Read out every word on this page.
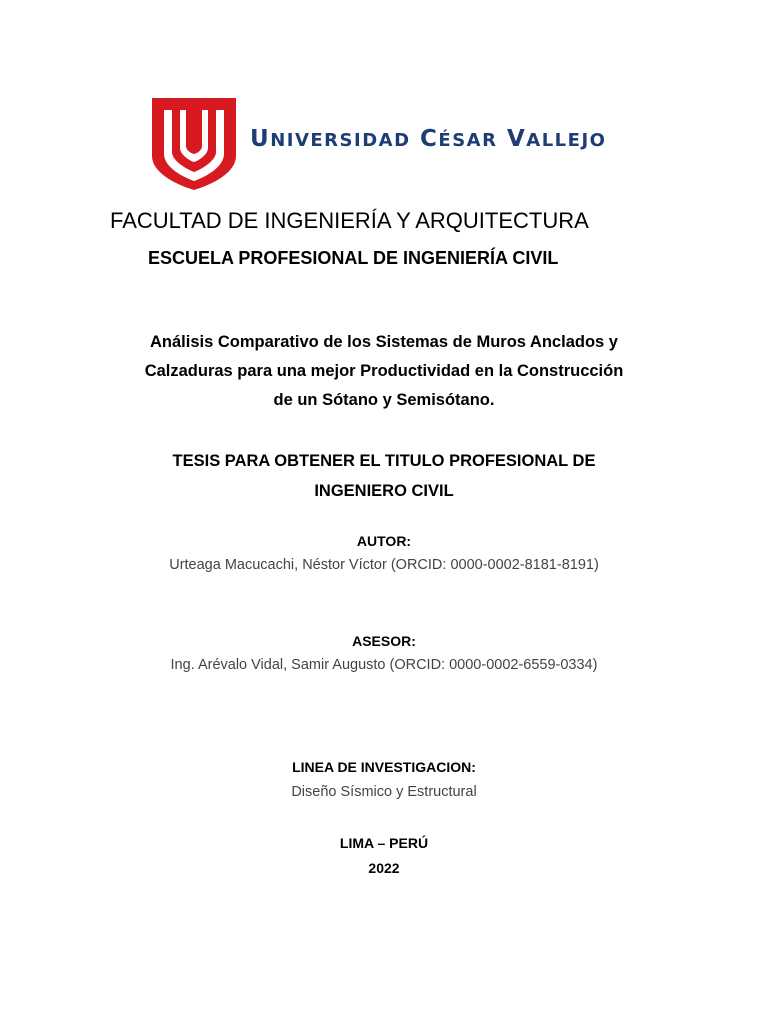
UNIVERSIDAD CÉSAR VALLEJO
FACULTAD DE INGENIERÍA Y ARQUITECTURA
ESCUELA PROFESIONAL DE INGENIERÍA CIVIL
Análisis Comparativo de los Sistemas de Muros Anclados y
Calzaduras para una mejor Productividad en la Construcción
de un Sótano y Semisótano.
TESIS PARA OBTENER EL TITULO PROFESIONAL DE
INGENIERO CIVIL
AUTOR:
Urteaga Macucachi, Néstor Víctor (ORCID: 0000-0002-8181-8191)
ASESOR:
Ing. Arévalo Vidal, Samir Augusto (ORCID: 0000-0002-6559-0334)
LINEA DE INVESTIGACION:
Diseño Sísmico y Estructural
LIMA – PERÚ
2022
